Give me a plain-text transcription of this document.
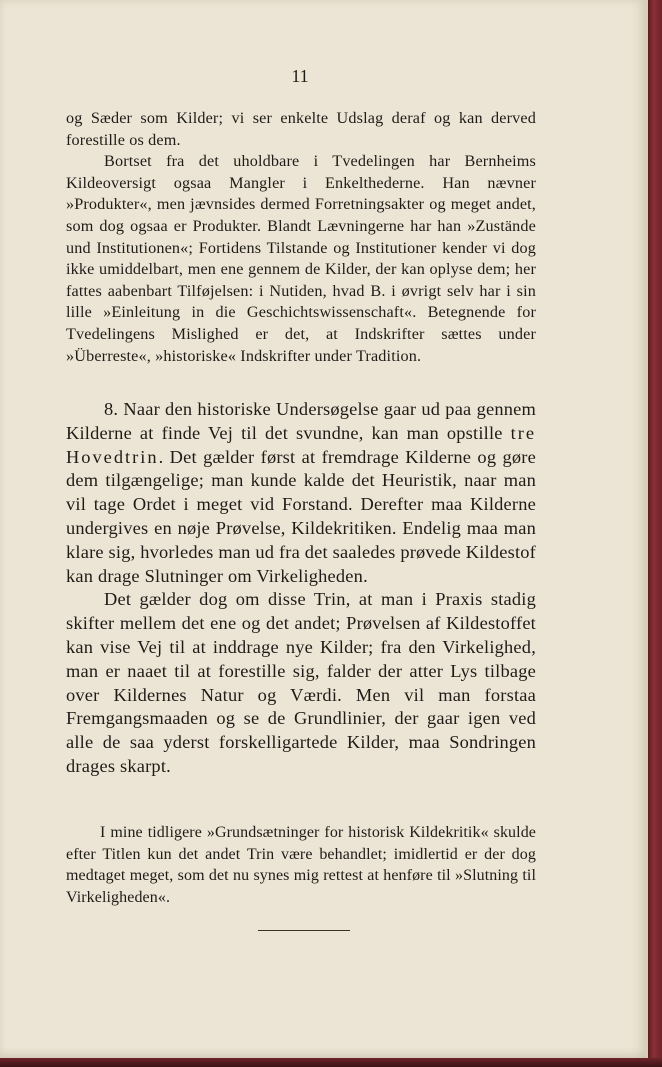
11

og Sæder som Kilder; vi ser enkelte Udslag deraf og kan derved forestille os dem.

Bortset fra det uholdbare i Tvedelingen har Bernheims Kildeoversigt ogsaa Mangler i Enkelthederne. Han nævner »Produkter«, men jævnsides dermed Forretningsakter og meget andet, som dog ogsaa er Produkter. Blandt Lævningerne har han »Zustände und Institutionen«; Fortidens Tilstande og Institutioner kender vi dog ikke umiddelbart, men ene gennem de Kilder, der kan oplyse dem; her fattes aabenbart Tilføjelsen: i Nutiden, hvad B. i øvrigt selv har i sin lille »Einleitung in die Geschichtswissenschaft«. Betegnende for Tvedelingens Mislighed er det, at Indskrifter sættes under »Überreste«, »historiske« Indskrifter under Tradition.

8. Naar den historiske Undersøgelse gaar ud paa gennem Kilderne at finde Vej til det svundne, kan man opstille tre Hovedtrin. Det gælder først at fremdrage Kilderne og gøre dem tilgængelige; man kunde kalde det Heuristik, naar man vil tage Ordet i meget vid Forstand. Derefter maa Kilderne undergives en nøje Prøvelse, Kildekritiken. Endelig maa man klare sig, hvorledes man ud fra det saaledes prøvede Kildestof kan drage Slutninger om Virkeligheden.

Det gælder dog om disse Trin, at man i Praxis stadig skifter mellem det ene og det andet; Prøvelsen af Kildestoffet kan vise Vej til at inddrage nye Kilder; fra den Virkelighed, man er naaet til at forestille sig, falder der atter Lys tilbage over Kildernes Natur og Værdi. Men vil man forstaa Fremgangsmaaden og se de Grundlinier, der gaar igen ved alle de saa yderst forskelligartede Kilder, maa Sondringen drages skarpt.

I mine tidligere »Grundsætninger for historisk Kildekritik« skulde efter Titlen kun det andet Trin være behandlet; imidlertid er der dog medtaget meget, som det nu synes mig rettest at henføre til »Slutning til Virkeligheden«.
